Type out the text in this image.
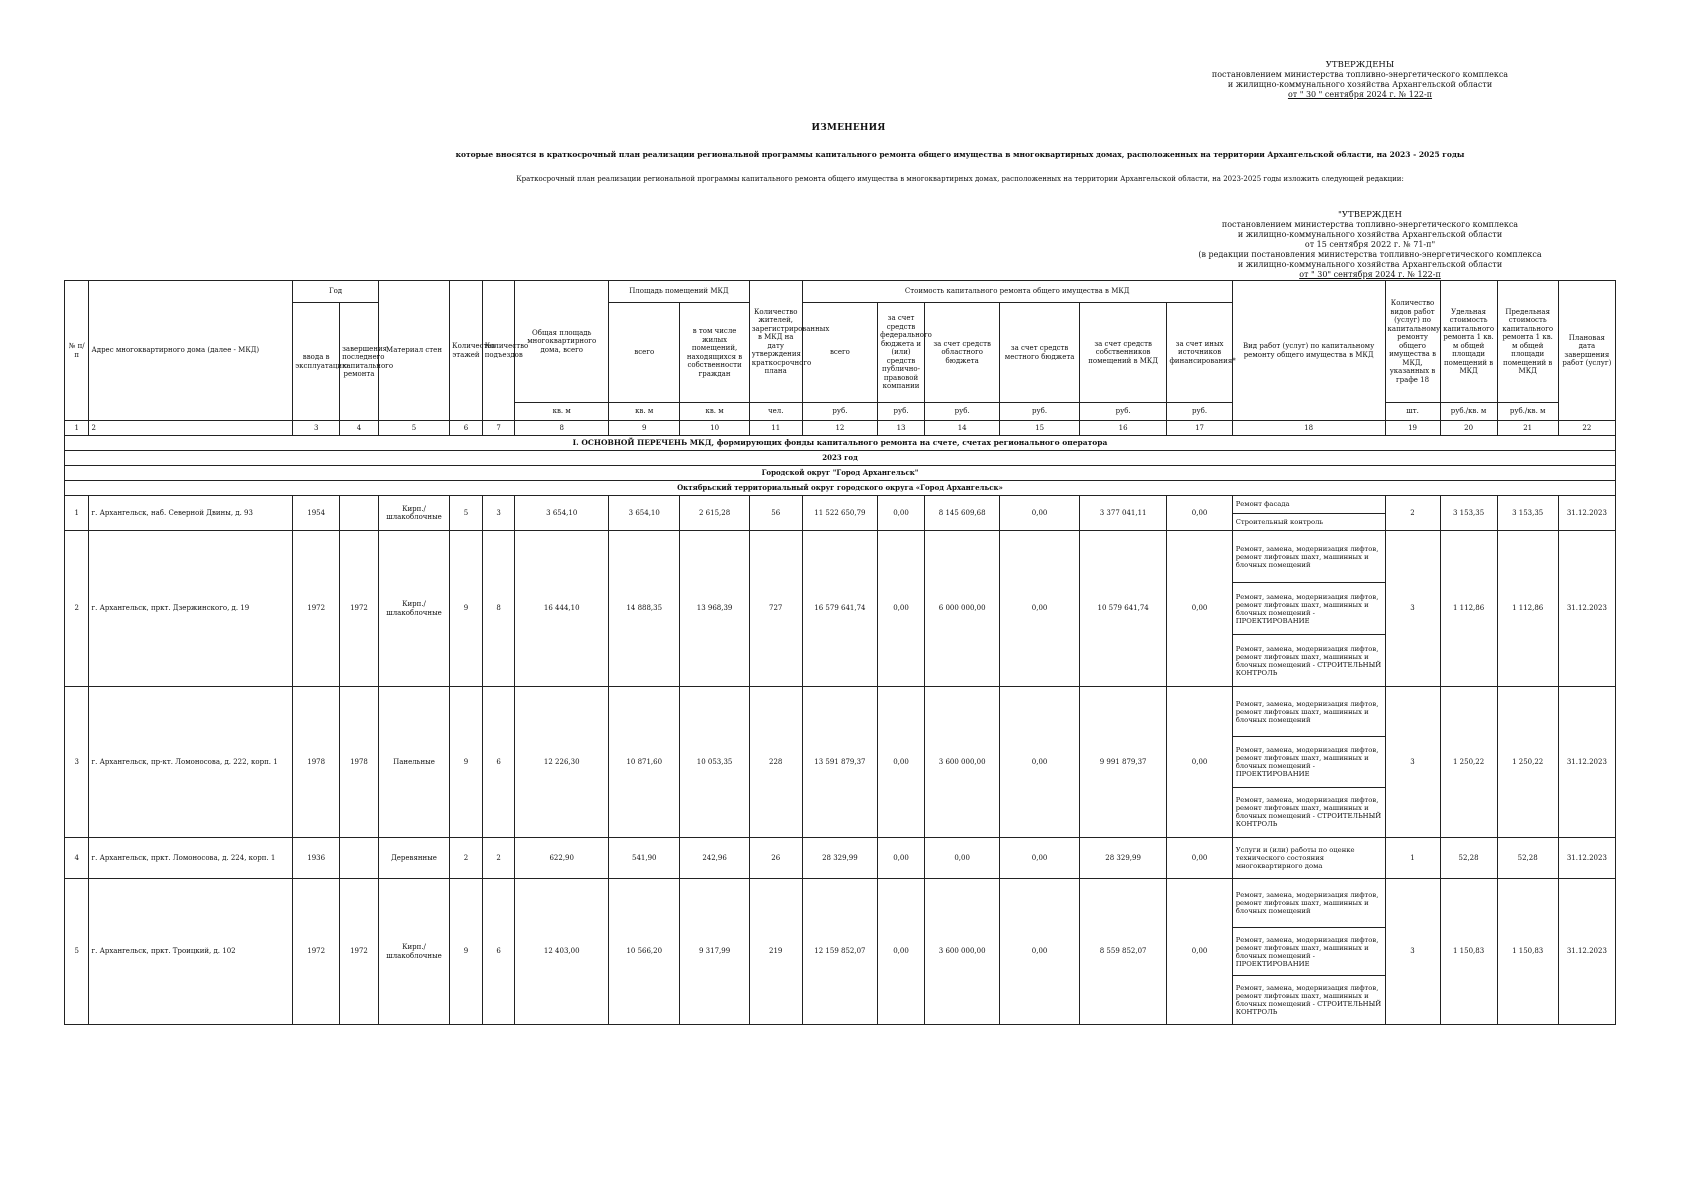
УТВЕРЖДЕНЫ
постановлением министерства топливно-энергетического комплекса
и жилищно-коммунального хозяйства Архангельской области
от " 30 " сентября 2024 г. № 122-п
ИЗМЕНЕНИЯ
которые вносятся в краткосрочный план реализации региональной программы капитального ремонта общего имущества в многоквартирных домах, расположенных на территории Архангельской области, на 2023 - 2025 годы
Краткосрочный план реализации региональной программы капитального ремонта общего имущества в многоквартирных домах, расположенных на территории Архангельской области, на 2023-2025 годы изложить следующей редакции:
"УТВЕРЖДЕН
постановлением министерства топливно-энергетического комплекса
и жилищно-коммунального хозяйства Архангельской области
от 15 сентября 2022 г. № 71-п"
(в редакции постановления министерства топливно-энергетического комплекса
и жилищно-коммунального хозяйства Архангельской области
от " 30" сентября 2024 г. № 122-п
№ п/п	Адрес многоквартирного дома (далее - МКД)	Год		Материал стен	Количество этажей	Количество подъездов	Общая площадь многоквартирного дома, всего	Площадь помещений МКД		Количество жителей, зарегистрированных в МКД на дату утверждения краткосрочного плана	Стоимость капитального ремонта общего имущества в МКД						Вид работ (услуг) по капитальному ремонту общего имущества в МКД	Количество видов работ (услуг) по капитальному ремонту общего имущества в МКД, указанных в графе 18	Удельная стоимость капитального ремонта 1 кв. м общей площади помещений в МКД	Предельная стоимость капитального ремонта 1 кв. м общей площади помещений в МКД	Плановая дата завершения работ (услуг)
		ввода в эксплуатацию	завершения последнего капитального ремонта					всего	в том числе жилых помещений, находящихся в собственности граждан		всего	за счет средств федерального бюджета и (или) средств публично-правовой компании	за счет средств областного бюджета	за счет средств местного бюджета	за счет средств собственников помещений в МКД	за счет иных источников финансирования*					
							кв. м	кв. м	кв. м	чел.	руб.	руб.	руб.	руб.	руб.	руб.		шт.	руб./кв. м	руб./кв. м	
1	2	3	4	5	6	7	8	9	10	11	12	13	14	15	16	17	18	19	20	21	22
I. ОСНОВНОЙ ПЕРЕЧЕНЬ МКД, формирующих фонды капитального ремонта на счете, счетах регионального оператора																					
2023 год																					
Городской округ "Город Архангельск"																					
Октябрьский территориальный округ городского округа «Город Архангельск»																					
1	г. Архангельск, наб. Северной Двины, д. 93	1954		Кирп./ шлакоблочные	5	3	3 654,10	3 654,10	2 615,28	56	11 522 650,79	0,00	8 145 609,68	0,00	3 377 041,11	0,00	Ремонт фасада
Строительный контроль	2	3 153,35	3 153,35	31.12.2023
2	г. Архангельск, пркт. Дзержинского, д. 19	1972	1972	Кирп./ шлакоблочные	9	8	16 444,10	14 888,35	13 968,39	727	16 579 641,74	0,00	6 000 000,00	0,00	10 579 641,74	0,00	Ремонт, замена, модернизация лифтов, ремонт лифтовых шахт, машинных и блочных помещений
Ремонт, замена, модернизация лифтов, ремонт лифтовых шахт, машинных и блочных помещений - ПРОЕКТИРОВАНИЕ
Ремонт, замена, модернизация лифтов, ремонт лифтовых шахт, машинных и блочных помещений - СТРОИТЕЛЬНЫЙ КОНТРОЛЬ	3	1 112,86	1 112,86	31.12.2023
3	г. Архангельск, пр-кт. Ломоносова, д. 222, корп. 1	1978	1978	Панельные	9	6	12 226,30	10 871,60	10 053,35	228	13 591 879,37	0,00	3 600 000,00	0,00	9 991 879,37	0,00	Ремонт, замена, модернизация лифтов, ремонт лифтовых шахт, машинных и блочных помещений
Ремонт, замена, модернизация лифтов, ремонт лифтовых шахт, машинных и блочных помещений - ПРОЕКТИРОВАНИЕ
Ремонт, замена, модернизация лифтов, ремонт лифтовых шахт, машинных и блочных помещений - СТРОИТЕЛЬНЫЙ КОНТРОЛЬ	3	1 250,22	1 250,22	31.12.2023
4	г. Архангельск, пркт. Ломоносова, д. 224, корп. 1	1936		Деревянные	2	2	622,90	541,90	242,96	26	28 329,99	0,00	0,00	0,00	28 329,99	0,00	Услуги и (или) работы по оценке технического состояния многоквартирного дома	1	52,28	52,28	31.12.2023
5	г. Архангельск, пркт. Троицкий, д. 102	1972	1972	Кирп./ шлакоблочные	9	6	12 403,00	10 566,20	9 317,99	219	12 159 852,07	0,00	3 600 000,00	0,00	8 559 852,07	0,00	Ремонт, замена, модернизация лифтов, ремонт лифтовых шахт, машинных и блочных помещений
Ремонт, замена, модернизация лифтов, ремонт лифтовых шахт, машинных и блочных помещений - ПРОЕКТИРОВАНИЕ
Ремонт, замена, модернизация лифтов, ремонт лифтовых шахт, машинных и блочных помещений - СТРОИТЕЛЬНЫЙ КОНТРОЛЬ	3	1 150,83	1 150,83	31.12.2023
